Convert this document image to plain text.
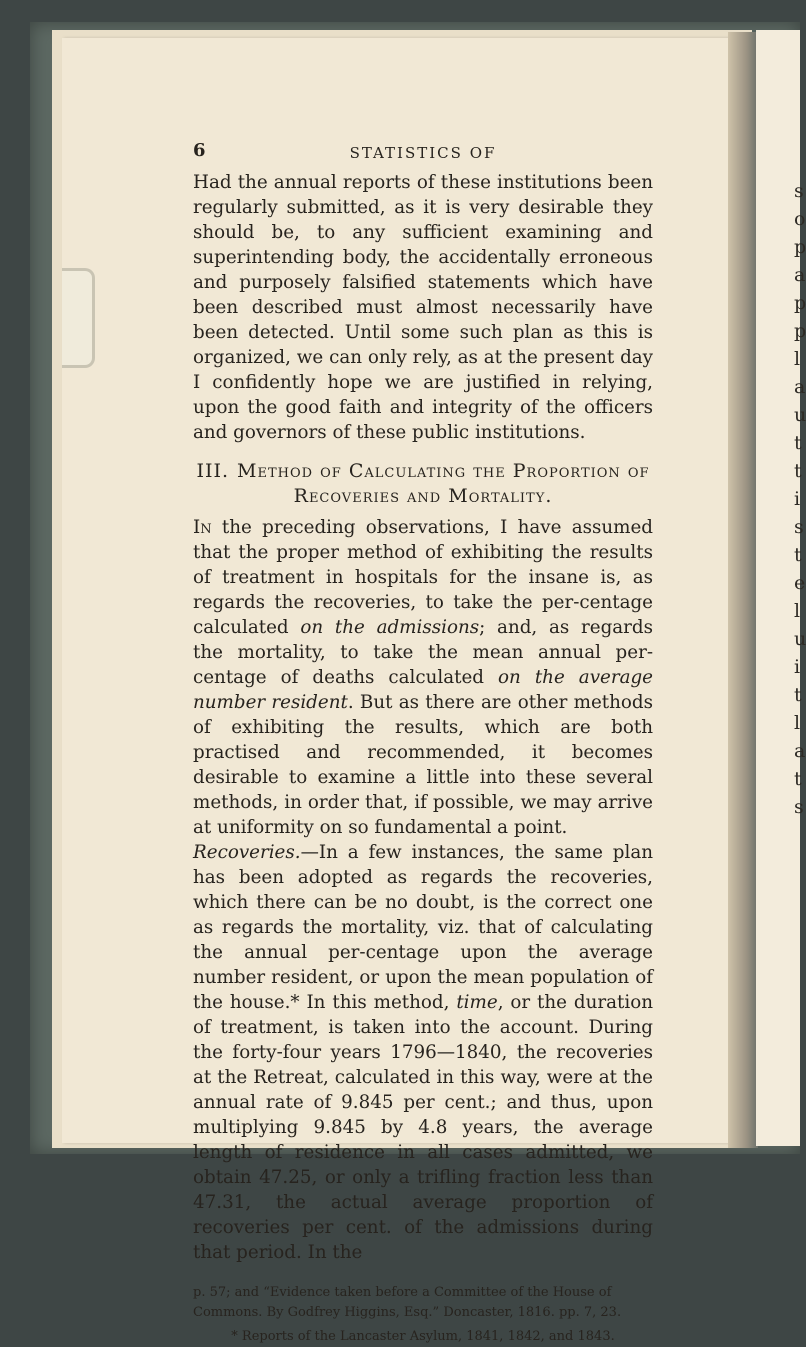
s
o
p
a
p
p
l
a
u
t
t
i
s
t
e
l
u
i
t
l
a
t
s
6	STATISTICS OF

Had the annual reports of these institutions been regularly submitted, as it is very desirable they should be, to any sufficient examining and superintending body, the accidentally erroneous and purposely falsified statements which have been described must almost necessarily have been detected. Until some such plan as this is organized, we can only rely, as at the present day I confidently hope we are justified in relying, upon the good faith and integrity of the officers and governors of these public institutions.

III. Method of Calculating the Proportion of Recoveries and Mortality.

In the preceding observations, I have assumed that the proper method of exhibiting the results of treatment in hospitals for the insane is, as regards the recoveries, to take the per-centage calculated on the admissions; and, as regards the mortality, to take the mean annual per-centage of deaths calculated on the average number resident. But as there are other methods of exhibiting the results, which are both practised and recommended, it becomes desirable to examine a little into these several methods, in order that, if possible, we may arrive at uniformity on so fundamental a point.

Recoveries.—In a few instances, the same plan has been adopted as regards the recoveries, which there can be no doubt, is the correct one as regards the mortality, viz. that of calculating the annual per-centage upon the average number resident, or upon the mean population of the house.* In this method, time, or the duration of treatment, is taken into the account. During the forty-four years 1796—1840, the recoveries at the Retreat, calculated in this way, were at the annual rate of 9.845 per cent.; and thus, upon multiplying 9.845 by 4.8 years, the average length of residence in all cases admitted, we obtain 47.25, or only a trifling fraction less than 47.31, the actual average proportion of recoveries per cent. of the admissions during that period. In the

p. 57; and “Evidence taken before a Committee of the House of Commons. By Godfrey Higgins, Esq.” Doncaster, 1816. pp. 7, 23.
* Reports of the Lancaster Asylum, 1841, 1842, and 1843.
